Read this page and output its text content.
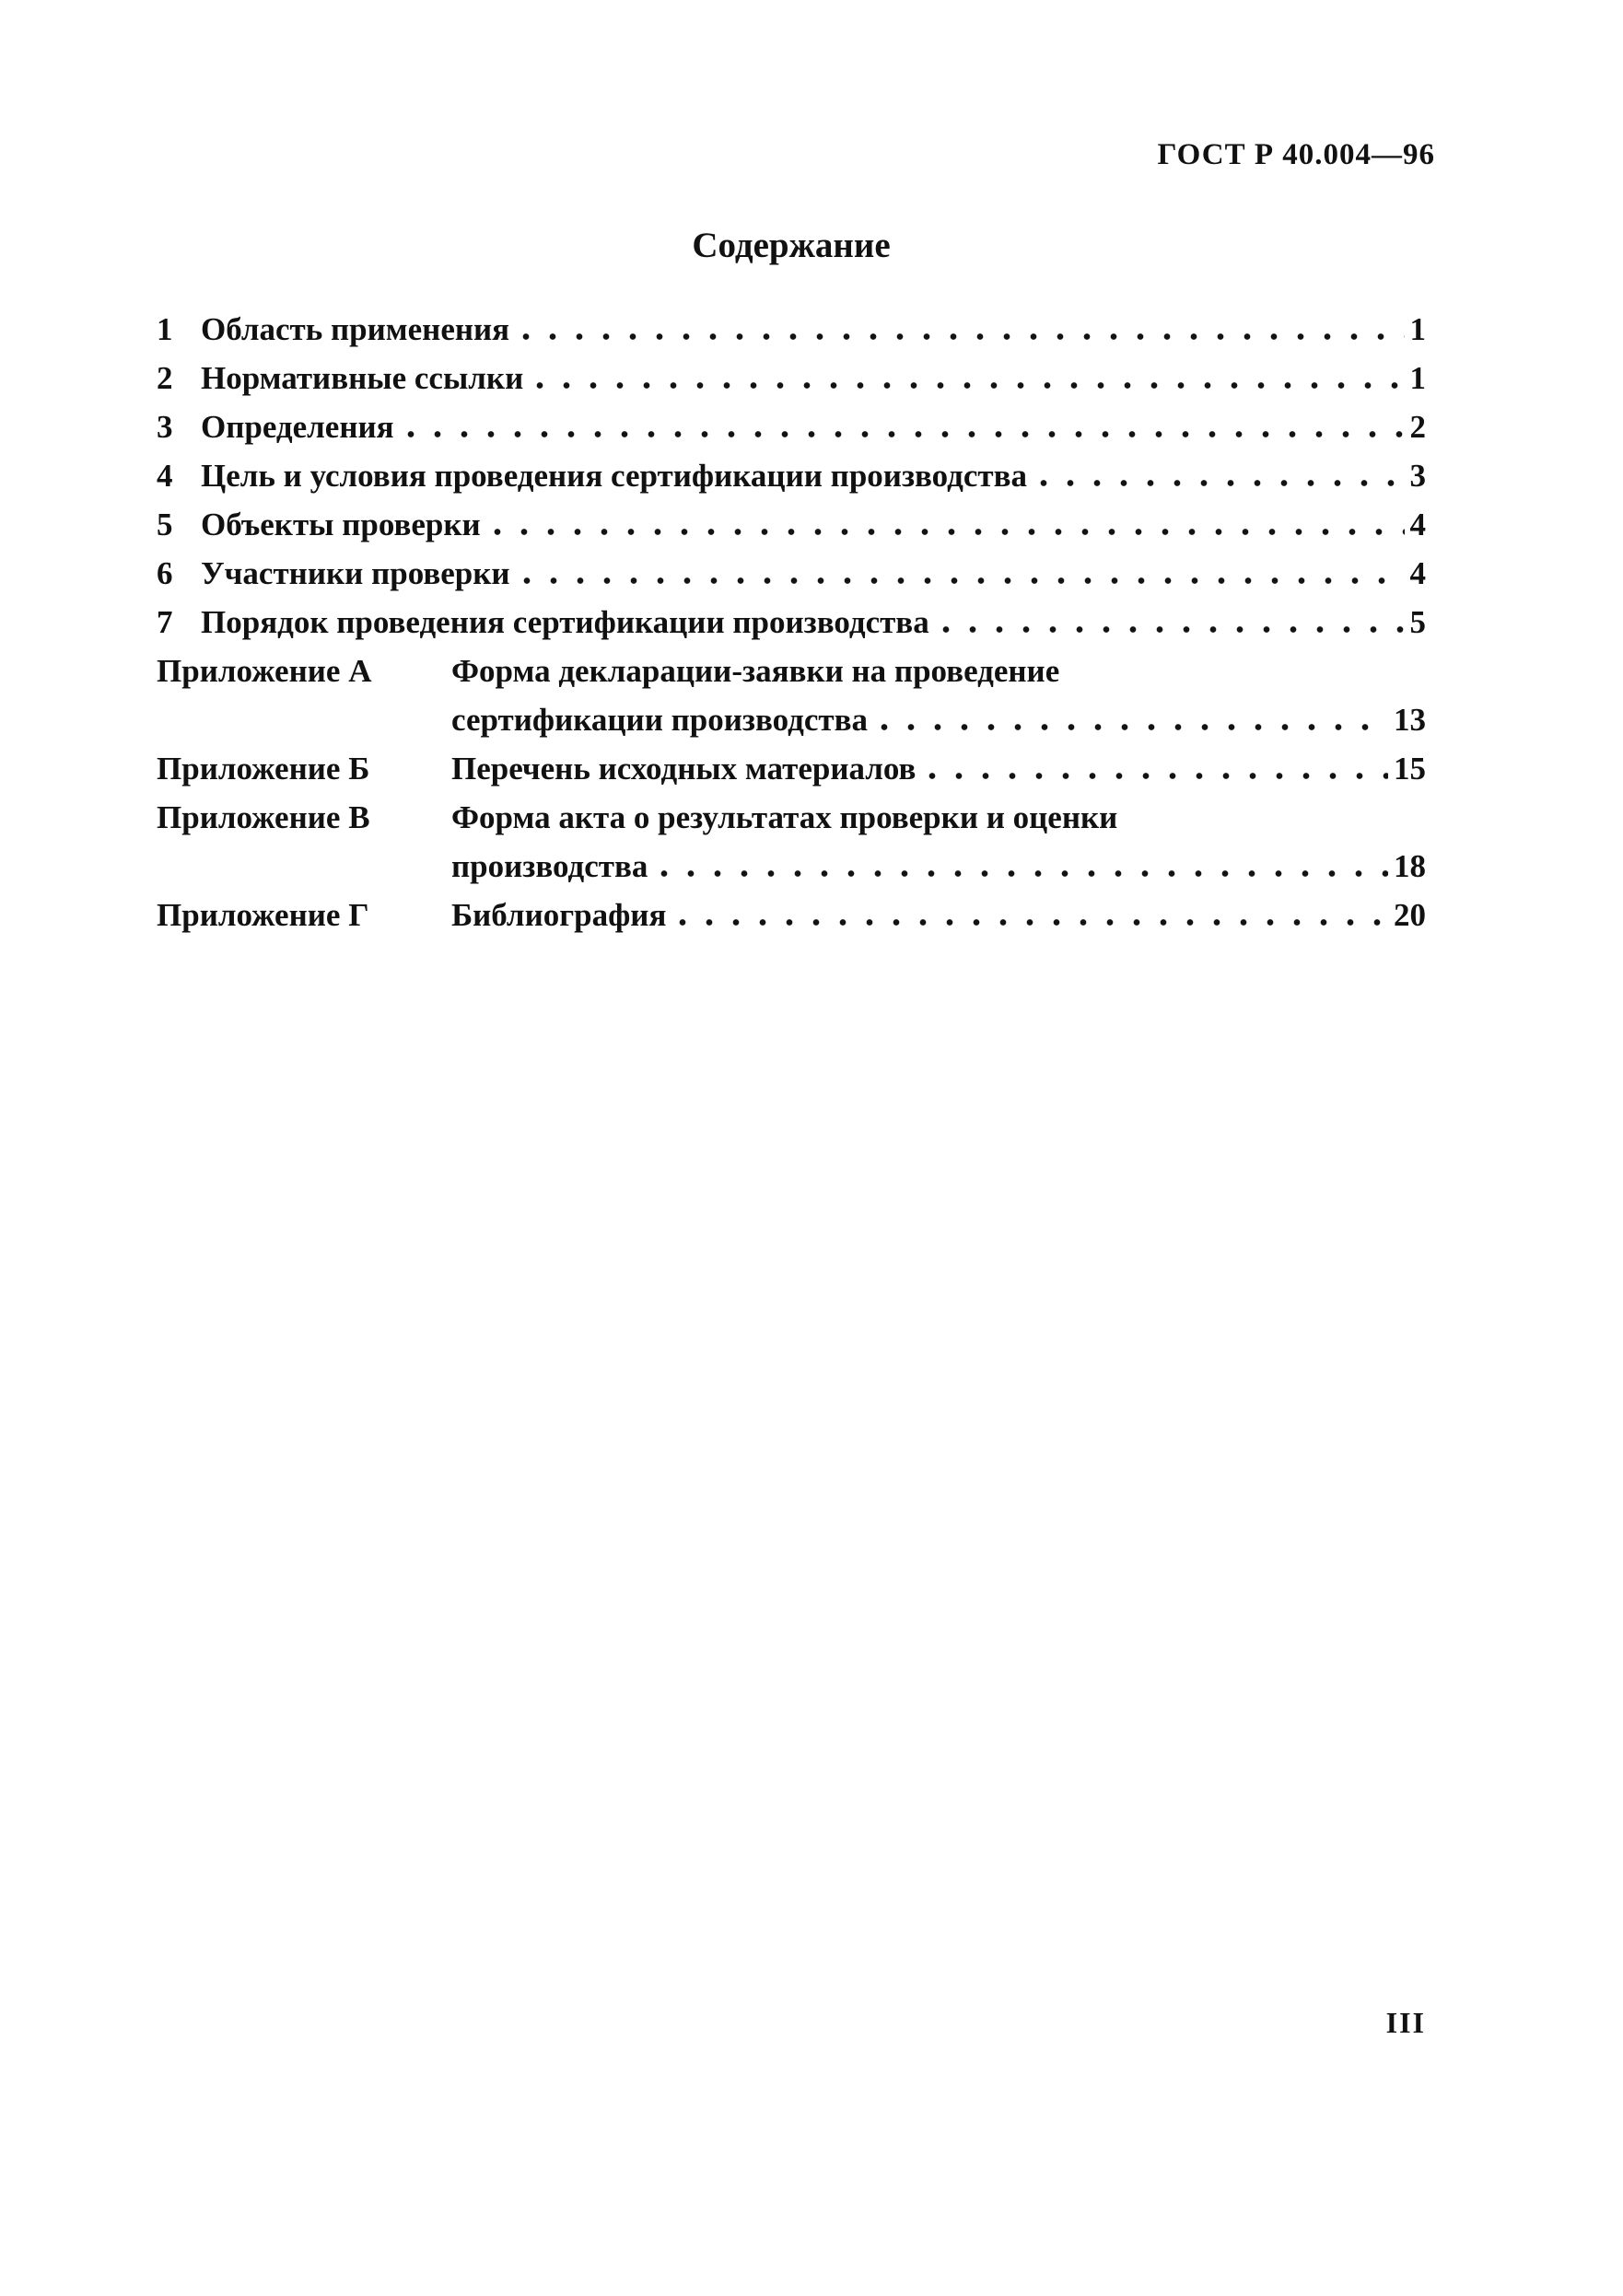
ГОСТ Р 40.004—96
Содержание
1 Область применения	1
2 Нормативные ссылки	1
3 Определения	2
4 Цель и условия проведения сертификации производства	3
5 Объекты проверки	4
6 Участники проверки	4
7 Порядок проведения сертификации производства	5
Приложение А	Форма декларации-заявки на проведение
сертификации производства	13
Приложение Б	Перечень исходных материалов	15
Приложение В	Форма акта о результатах проверки и оценки
производства	18
Приложение Г	Библиография	20
III
